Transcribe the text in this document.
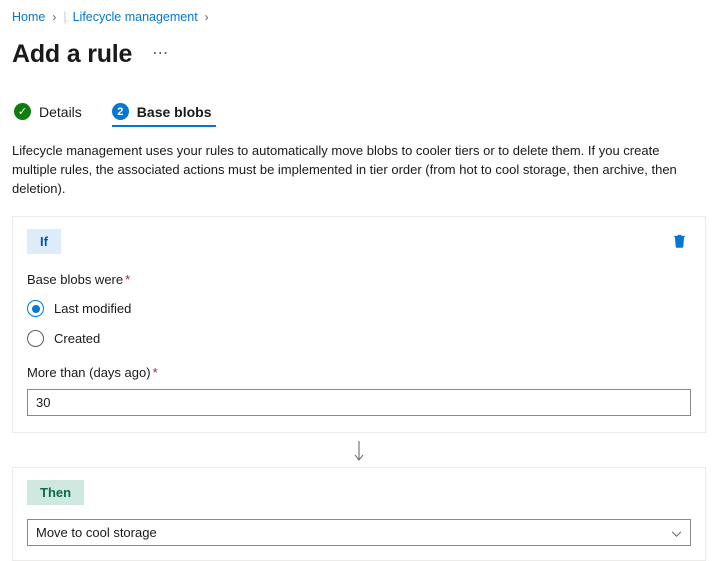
Home › | Lifecycle management ›
Add a rule	⋯
✓ Details	2 Base blobs
Lifecycle management uses your rules to automatically move blobs to cooler tiers or to delete them. If you create multiple rules, the associated actions must be implemented in tier order (from hot to cool storage, then archive, then deletion).
If
Base blobs were *
Last modified
Created
More than (days ago) *
30
Then
Move to cool storage
